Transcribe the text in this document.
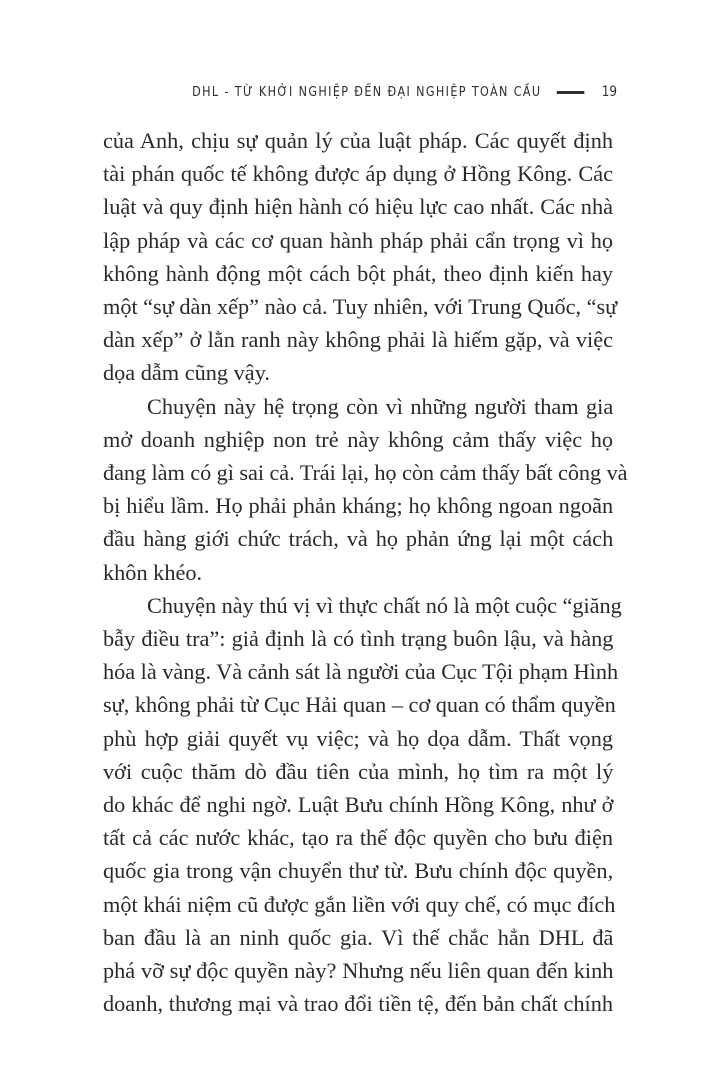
DHL - TỪ KHỞI NGHIỆP ĐẾN ĐẠI NGHIỆP TOÀN CẦU	19

của Anh, chịu sự quản lý của luật pháp. Các quyết định
tài phán quốc tế không được áp dụng ở Hồng Kông. Các
luật và quy định hiện hành có hiệu lực cao nhất. Các nhà
lập pháp và các cơ quan hành pháp phải cẩn trọng vì họ
không hành động một cách bột phát, theo định kiến hay
một “sự dàn xếp” nào cả. Tuy nhiên, với Trung Quốc, “sự
dàn xếp” ở lằn ranh này không phải là hiếm gặp, và việc
dọa dẫm cũng vậy.

Chuyện này hệ trọng còn vì những người tham gia
mở doanh nghiệp non trẻ này không cảm thấy việc họ
đang làm có gì sai cả. Trái lại, họ còn cảm thấy bất công và
bị hiểu lầm. Họ phải phản kháng; họ không ngoan ngoãn
đầu hàng giới chức trách, và họ phản ứng lại một cách
khôn khéo.

Chuyện này thú vị vì thực chất nó là một cuộc “giăng
bẫy điều tra”: giả định là có tình trạng buôn lậu, và hàng
hóa là vàng. Và cảnh sát là người của Cục Tội phạm Hình
sự, không phải từ Cục Hải quan – cơ quan có thẩm quyền
phù hợp giải quyết vụ việc; và họ dọa dẫm. Thất vọng
với cuộc thăm dò đầu tiên của mình, họ tìm ra một lý
do khác để nghi ngờ. Luật Bưu chính Hồng Kông, như ở
tất cả các nước khác, tạo ra thế độc quyền cho bưu điện
quốc gia trong vận chuyển thư từ. Bưu chính độc quyền,
một khái niệm cũ được gắn liền với quy chế, có mục đích
ban đầu là an ninh quốc gia. Vì thế chắc hẳn DHL đã
phá vỡ sự độc quyền này? Nhưng nếu liên quan đến kinh
doanh, thương mại và trao đổi tiền tệ, đến bản chất chính
